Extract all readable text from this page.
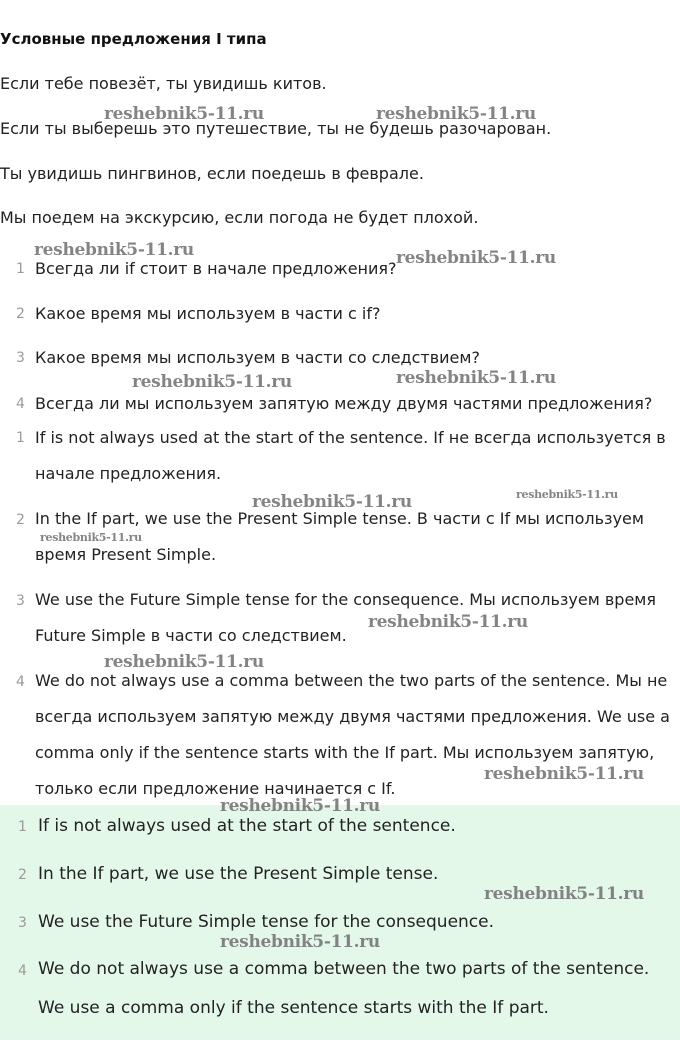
Условные предложения I типа
Если тебе повезёт, ты увидишь китов.
Если ты выберешь это путешествие, ты не будешь разочарован.
Ты увидишь пингвинов, если поедешь в феврале.
Мы поедем на экскурсию, если погода не будет плохой.
1 Всегда ли if стоит в начале предложения?
2 Какое время мы используем в части с if?
3 Какое время мы используем в части со следствием?
4 Всегда ли мы используем запятую между двумя частями предложения?
1 If is not always used at the start of the sentence. If не всегда используется в начале предложения.
2 In the If part, we use the Present Simple tense. В части с If мы используем время Present Simple.
3 We use the Future Simple tense for the consequence. Мы используем время Future Simple в части со следствием.
4 We do not always use a comma between the two parts of the sentence. Мы не всегда используем запятую между двумя частями предложения. We use a comma only if the sentence starts with the If part. Мы используем запятую, только если предложение начинается с If.
1 If is not always used at the start of the sentence.
2 In the If part, we use the Present Simple tense.
3 We use the Future Simple tense for the consequence.
4 We do not always use a comma between the two parts of the sentence. We use a comma only if the sentence starts with the If part.
reshebnik5-11.ru	reshebnik5-11.ru
reshebnik5-11.ru	reshebnik5-11.ru
reshebnik5-11.ru	reshebnik5-11.ru
reshebnik5-11.ru	reshebnik5-11.ru
reshebnik5-11.ru
reshebnik5-11.ru
reshebnik5-11.ru
reshebnik5-11.ru
reshebnik5-11.ru
reshebnik5-11.ru
reshebnik5-11.ru
